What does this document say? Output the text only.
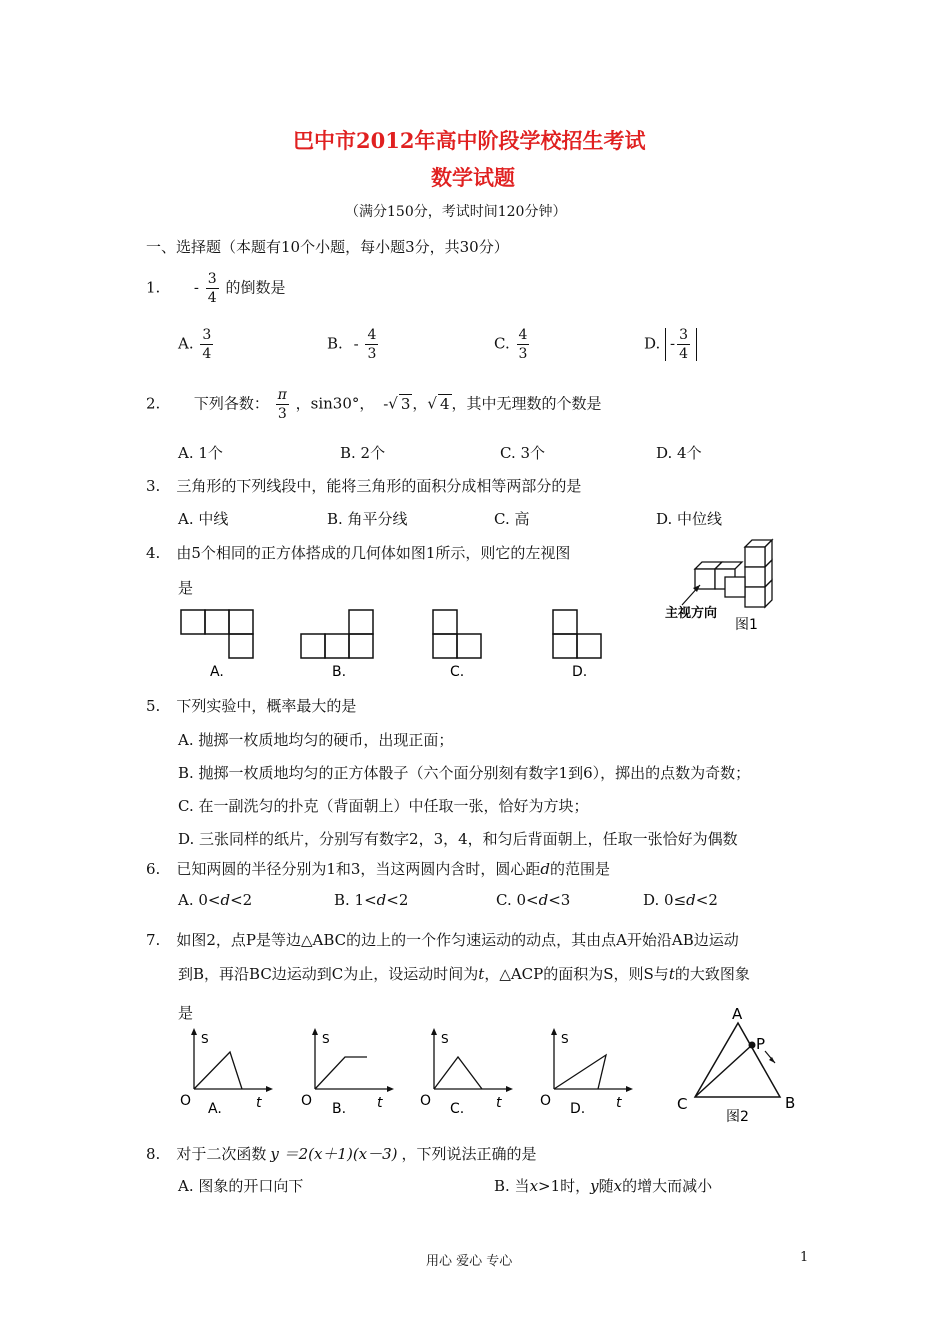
巴中市2012年高中阶段学校招生考试
数学试题
（满分150分，考试时间120分钟）
一、选择题（本题有10个小题，每小题3分，共30分）
1. - $\frac{3}{4}$ 的倒数是
A. $\frac{3}{4}$	B. - $\frac{4}{3}$	C. $\frac{4}{3}$	D. - $\frac{3}{4}$
2. 下列各数： $\frac{\pi}{3}$ ，sin30°， -√ 3 ，√ 4 ，其中无理数的个数是
A. 1个	B. 2个	C. 3个	D. 4个
3. 三角形的下列线段中，能将三角形的面积分成相等两部分的是
A. 中线	B. 角平分线	C. 高	D. 中位线
4. 由5个相同的正方体搭成的几何体如图1所示，则它的左视图
是
A.	B.	C.	D.
主视方向
图1
5. 下列实验中，概率最大的是
A. 抛掷一枚质地均匀的硬币，出现正面；
B. 抛掷一枚质地均匀的正方体骰子（六个面分别刻有数字1到6），掷出的点数为奇数；
C. 在一副洗匀的扑克（背面朝上）中任取一张，恰好为方块；
D. 三张同样的纸片，分别写有数字2，3，4，和匀后背面朝上，任取一张恰好为偶数
6. 已知两圆的半径分别为1和3，当这两圆内含时，圆心距d的范围是
A. 0<d<2	B. 1<d<2	C. 0<d<3	D. 0≤d<2
7. 如图2，点P是等边△ABC的边上的一个作匀速运动的动点，其由点A开始沿AB边运动
到B，再沿BC边运动到C为止，设运动时间为t，△ACP的面积为S，则S与t的大致图象
是
S	S	S	S
O	O	O	O
t	t	t	t
A.	B.	C.	D.
A
P
C	B
图2
8. 对于二次函数 y ＝2(x＋1)(x－3) ，下列说法正确的是
A. 图象的开口向下	B. 当x>1时，y随x的增大而减小
用心 爱心 专心	1
